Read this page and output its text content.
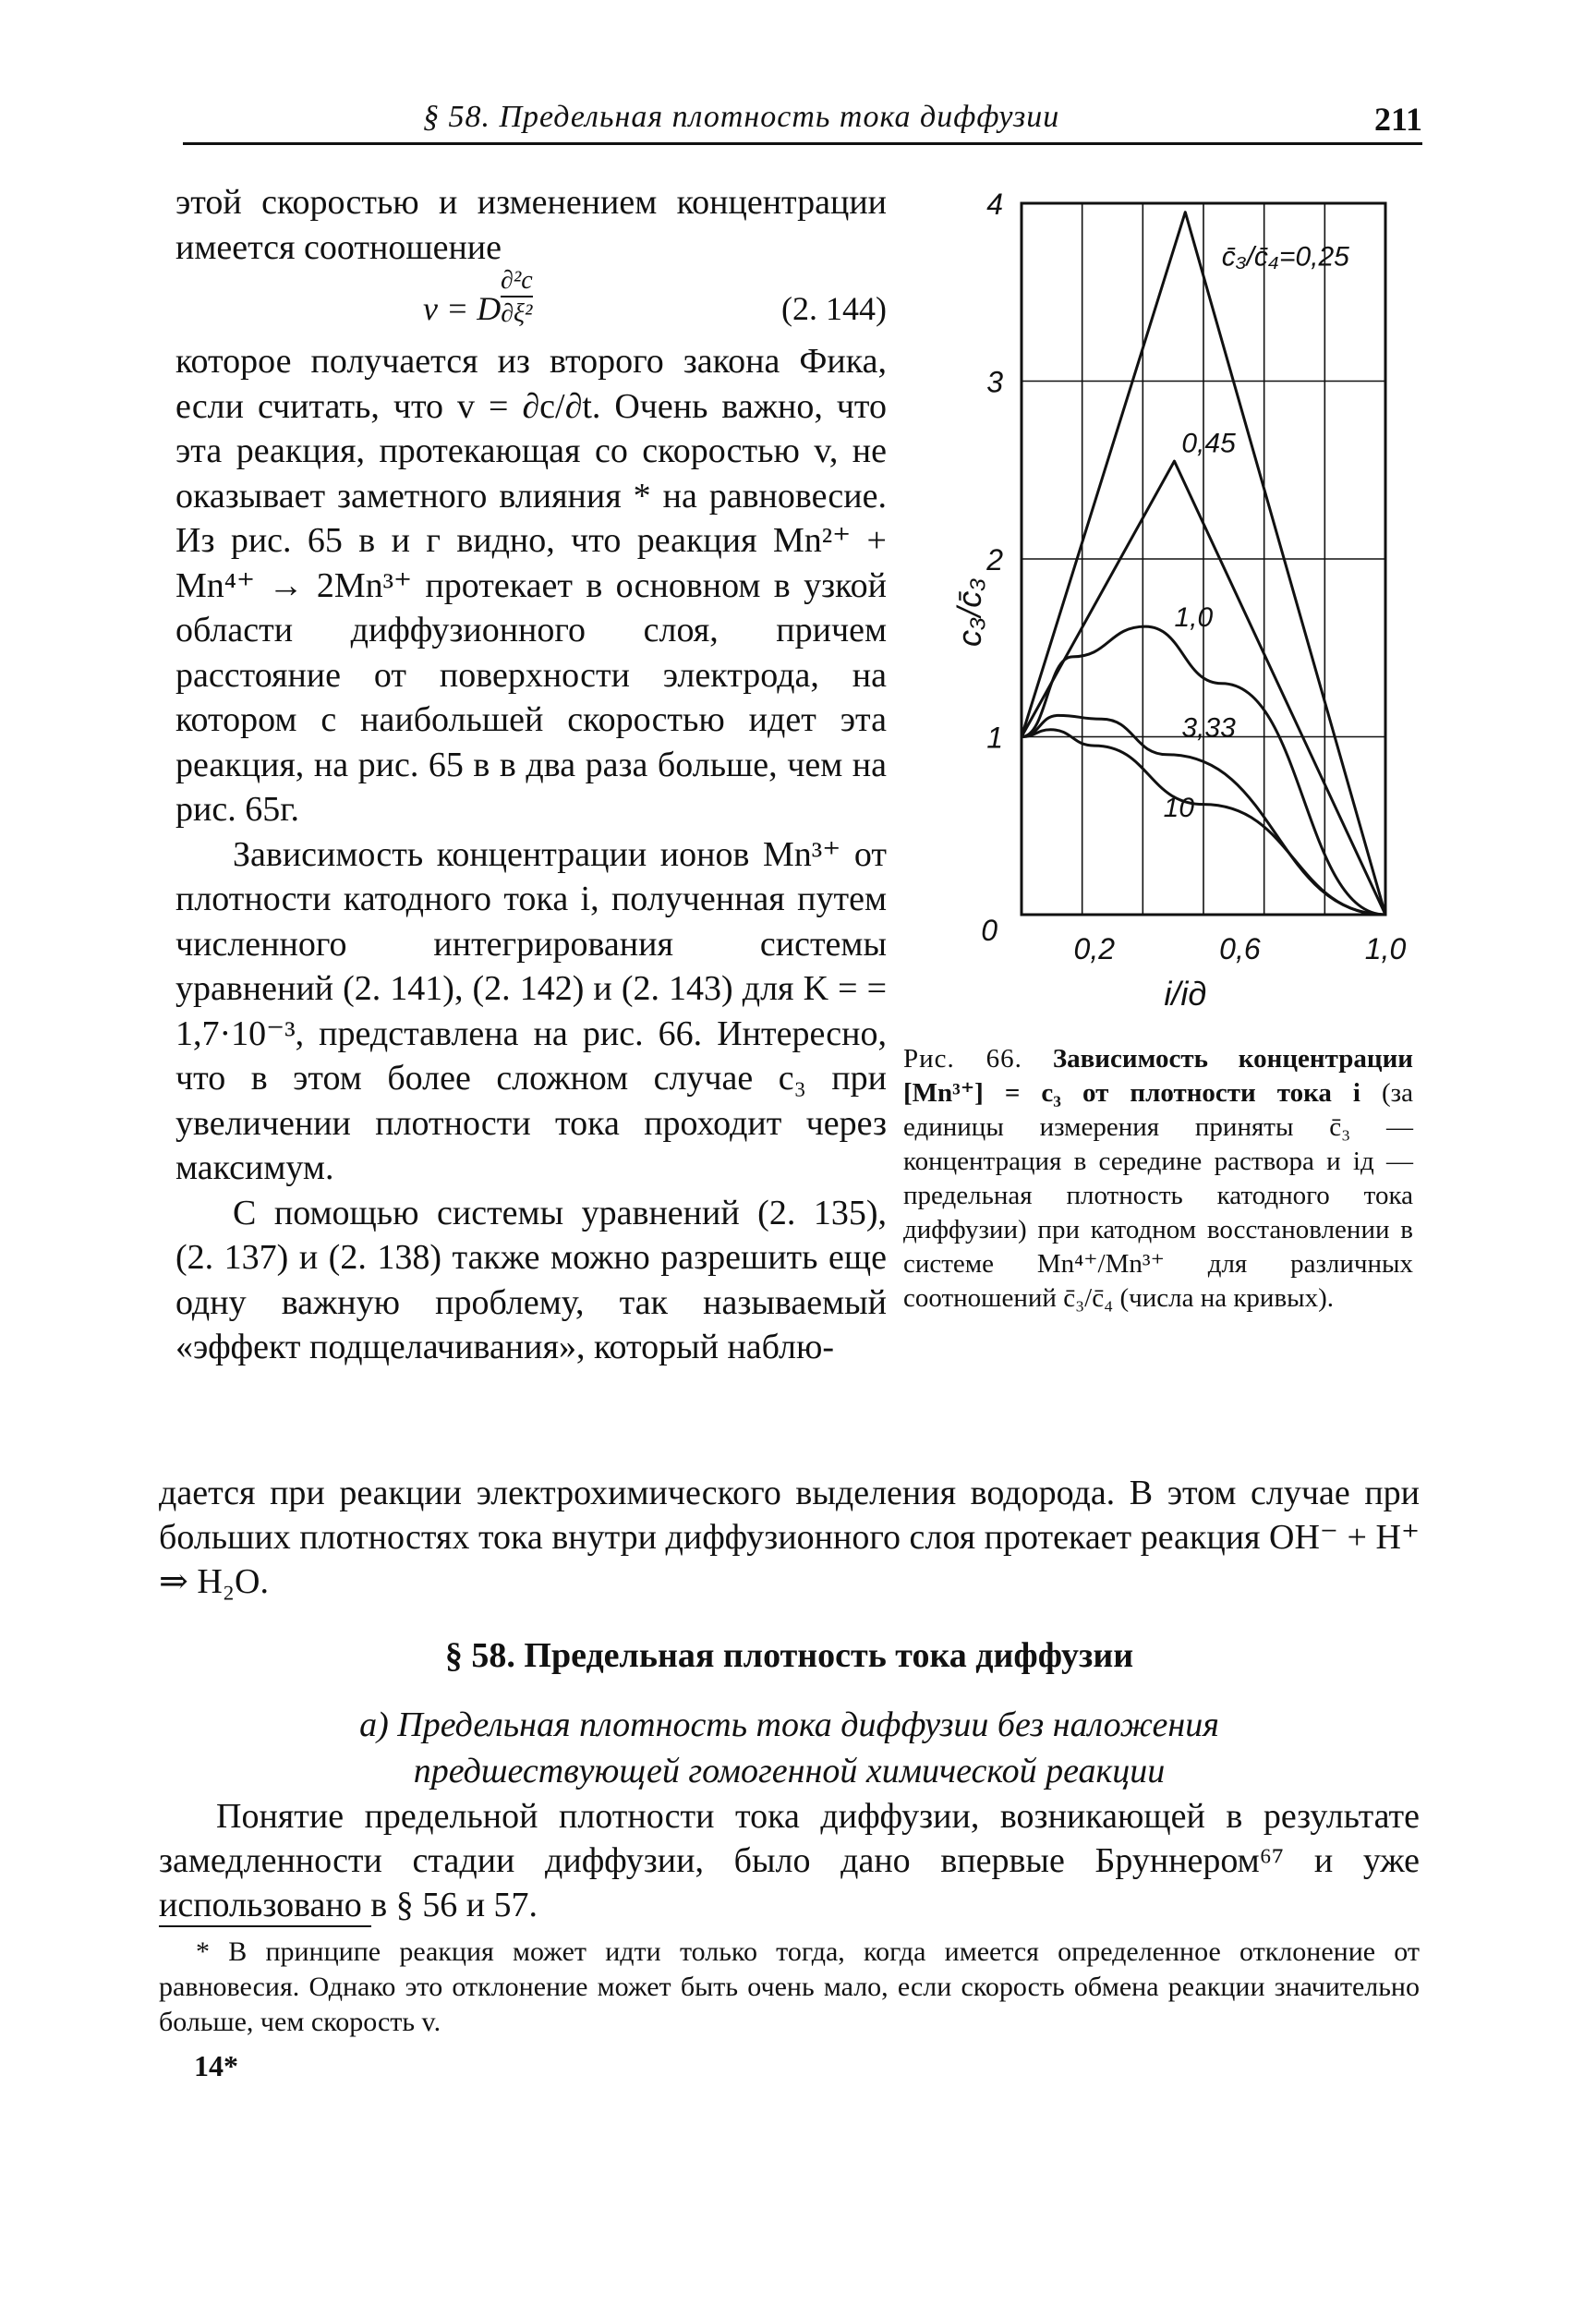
§ 58. Предельная плотность тока диффузии	211

этой скоростью и изменением концентрации имеется соотношение

v = D $\frac{\text{∂²c}}{\text{∂ξ²}}$	(2. 144)

которое получается из второго закона Фика, если считать, что v = ∂c/∂t. Очень важно, что эта реакция, протекающая со скоростью v, не оказывает заметного влияния * на равновесие. Из рис. 65 в и г видно, что реакция Mn²⁺ + Mn⁴⁺ → 2Mn³⁺ протекает в основном в узкой области диффузионного слоя, причем расстояние от поверхности электрода, на котором с наибольшей скоростью идет эта реакция, на рис. 65 в в два раза больше, чем на рис. 65г.

Зависимость концентрации ионов Mn³⁺ от плотности катодного тока i, полученная путем численного интегрирования системы уравнений (2. 141), (2. 142) и (2. 143) для K = = 1,7·10⁻³, представлена на рис. 66. Интересно, что в этом более сложном случае c₃ при увеличении плотности тока проходит через максимум.

С помощью системы уравнений (2. 135), (2. 137) и (2. 138) также можно разрешить еще одну важную проблему, так называемый «эффект подщелачивания», который наблю-

1
2
3
4
0
0,2	0,6	1,0
c̄₃/c̄₄=0,25
0,45
1,0
3,33
10
i/iд
c₃/c̄₃
Рис. 66. Зависимость концентрации [Mn³⁺] = c₃ от плотности тока i (за единицы измерения приняты c̄₃ — концентрация в середине раствора и iд — предельная плотность катодного тока диффузии) при катодном восстановлении в системе Mn⁴⁺/Mn³⁺ для различных соотношений c̄₃/c̄₄ (числа на кривых).

дается при реакции электрохимического выделения водорода. В этом случае при больших плотностях тока внутри диффузионного слоя протекает реакция OH⁻ + H⁺ ⇒ H₂O.

§ 58. Предельная плотность тока диффузии
а) Предельная плотность тока диффузии без наложения
предшествующей гомогенной химической реакции

Понятие предельной плотности тока диффузии, возникающей в результате замедленности стадии диффузии, было дано впервые Бруннером⁶⁷ и уже использовано в § 56 и 57.

* В принципе реакция может идти только тогда, когда имеется определенное отклонение от равновесия. Однако это отклонение может быть очень мало, если скорость обмена реакции значительно больше, чем скорость v.

14*
